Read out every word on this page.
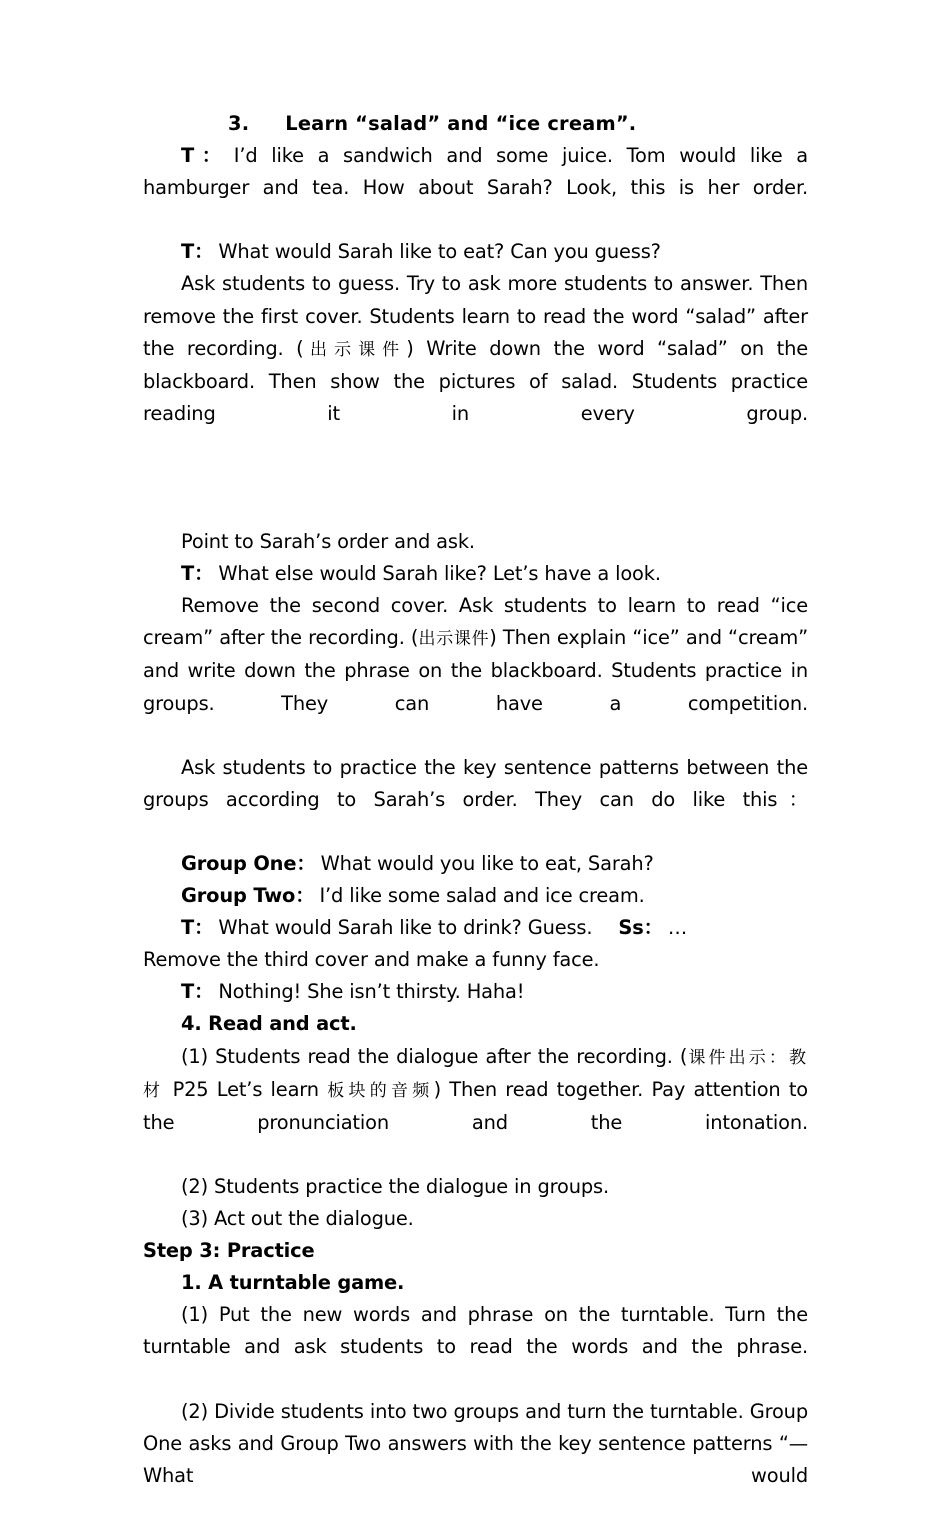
3. Learn “salad” and “ice cream”.

T： I’d like a sandwich and some juice. Tom would like a hamburger and tea. How about Sarah? Look, this is her order.

T： What would Sarah like to eat? Can you guess?

Ask students to guess. Try to ask more students to answer. Then remove the first cover. Students learn to read the word “salad” after the recording. (出示课件) Write down the word “salad” on the blackboard. Then show the pictures of salad. Students practice reading it in every group.

Point to Sarah’s order and ask.

T： What else would Sarah like? Let’s have a look.

Remove the second cover. Ask students to learn to read “ice cream” after the recording. (出示课件) Then explain “ice” and “cream” and write down the phrase on the blackboard. Students practice in groups. They can have a competition.

Ask students to practice the key sentence patterns between the groups according to Sarah’s order. They can do like this：

Group One： What would you like to eat, Sarah?

Group Two： I’d like some salad and ice cream.

T： What would Sarah like to drink? Guess. Ss： …

Remove the third cover and make a funny face.

T： Nothing! She isn’t thirsty. Haha!

4. Read and act.

(1) Students read the dialogue after the recording. (课件出示：教材 P25 Let’s learn 板块的音频) Then read together. Pay attention to the pronunciation and the intonation.

(2) Students practice the dialogue in groups.

(3) Act out the dialogue.

Step 3: Practice

1. A turntable game.

(1) Put the new words and phrase on the turntable. Turn the turntable and ask students to read the words and the phrase.

(2) Divide students into two groups and turn the turntable. Group One asks and Group Two answers with the key sentence patterns “—What would
